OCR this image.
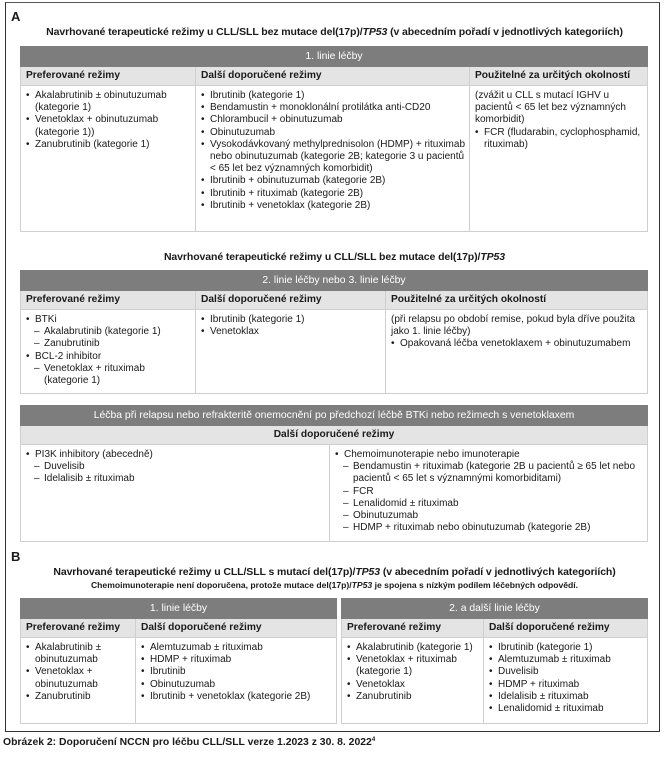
A
Navrhované terapeutické režimy u CLL/SLL bez mutace del(17p)/TP53 (v abecedním pořadí v jednotlivých kategoriích)
1. linie léčby		
Preferované režimy	Další doporučené režimy	Použitelné za určitých okolností

• Akalabrutinib ± obinutuzumab (kategorie 1)
• Venetoklax + obinutuzumab (kategorie 1))
• Zanubrutinib (kategorie 1)

• Ibrutinib (kategorie 1)
• Bendamustin + monoklonální protilátka anti-CD20
• Chlorambucil + obinutuzumab
• Obinutuzumab
• Vysokodávkovaný methylprednisolon (HDMP) + rituximab nebo obinutuzumab (kategorie 2B; kategorie 3 u pacientů < 65 let bez významných komorbidit)
• Ibrutinib + obinutuzumab (kategorie 2B)
• Ibrutinib + rituximab (kategorie 2B)
• Ibrutinib + venetoklax (kategorie 2B)

(zvážit u CLL s mutací IGHV u pacientů < 65 let bez významných komorbidit)
• FCR (fludarabin, cyclophosphamid, rituximab)
Navrhované terapeutické režimy u CLL/SLL bez mutace del(17p)/TP53
2. linie léčby nebo 3. linie léčby		
Preferované režimy	Další doporučené režimy	Použitelné za určitých okolností

• BTKi
– Akalabrutinib (kategorie 1)
– Zanubrutinib
• BCL-2 inhibitor
– Venetoklax + rituximab (kategorie 1)

• Ibrutinib (kategorie 1)
• Venetoklax

(při relapsu po období remise, pokud byla dříve použita jako 1. linie léčby)
• Opakovaná léčba venetoklaxem + obinutuzumabem
Léčba při relapsu nebo refrakteritě onemocnění po předchozí léčbě BTKi nebo režimech s venetoklaxem
Další doporučené režimy

• PI3K inhibitory (abecedně)
– Duvelisib
– Idelalisib ± rituximab

• Chemoimunoterapie nebo imunoterapie
– Bendamustin + rituximab (kategorie 2B u pacientů ≥ 65 let nebo pacientů < 65 let s významnými komorbiditami)
– FCR
– Lenalidomid ± rituximab
– Obinutuzumab
– HDMP + rituximab nebo obinutuzumab (kategorie 2B)
B
Navrhované terapeutické režimy u CLL/SLL s mutací del(17p)/TP53 (v abecedním pořadí v jednotlivých kategoriích)
Chemoimunoterapie není doporučena, protože mutace del(17p)/TP53 je spojena s nízkým podílem léčebných odpovědí.
1. linie léčby	
Preferované režimy	Další doporučené režimy

• Akalabrutinib ± obinutuzumab
• Venetoklax + obinutuzumab
• Zanubrutinib

• Alemtuzumab ± rituximab
• HDMP + rituximab
• Ibrutinib
• Obinutuzumab
• Ibrutinib + venetoklax (kategorie 2B)
2. a další linie léčby	
Preferované režimy	Další doporučené režimy

• Akalabrutinib (kategorie 1)
• Venetoklax + rituximab (kategorie 1)
• Venetoklax
• Zanubrutinib

• Ibrutinib (kategorie 1)
• Alemtuzumab ± rituximab
• Duvelisib
• HDMP + rituximab
• Idelalisib ± rituximab
• Lenalidomid ± rituximab
Obrázek 2: Doporučení NCCN pro léčbu CLL/SLL verze 1.2023 z 30. 8. 2022$^4$
